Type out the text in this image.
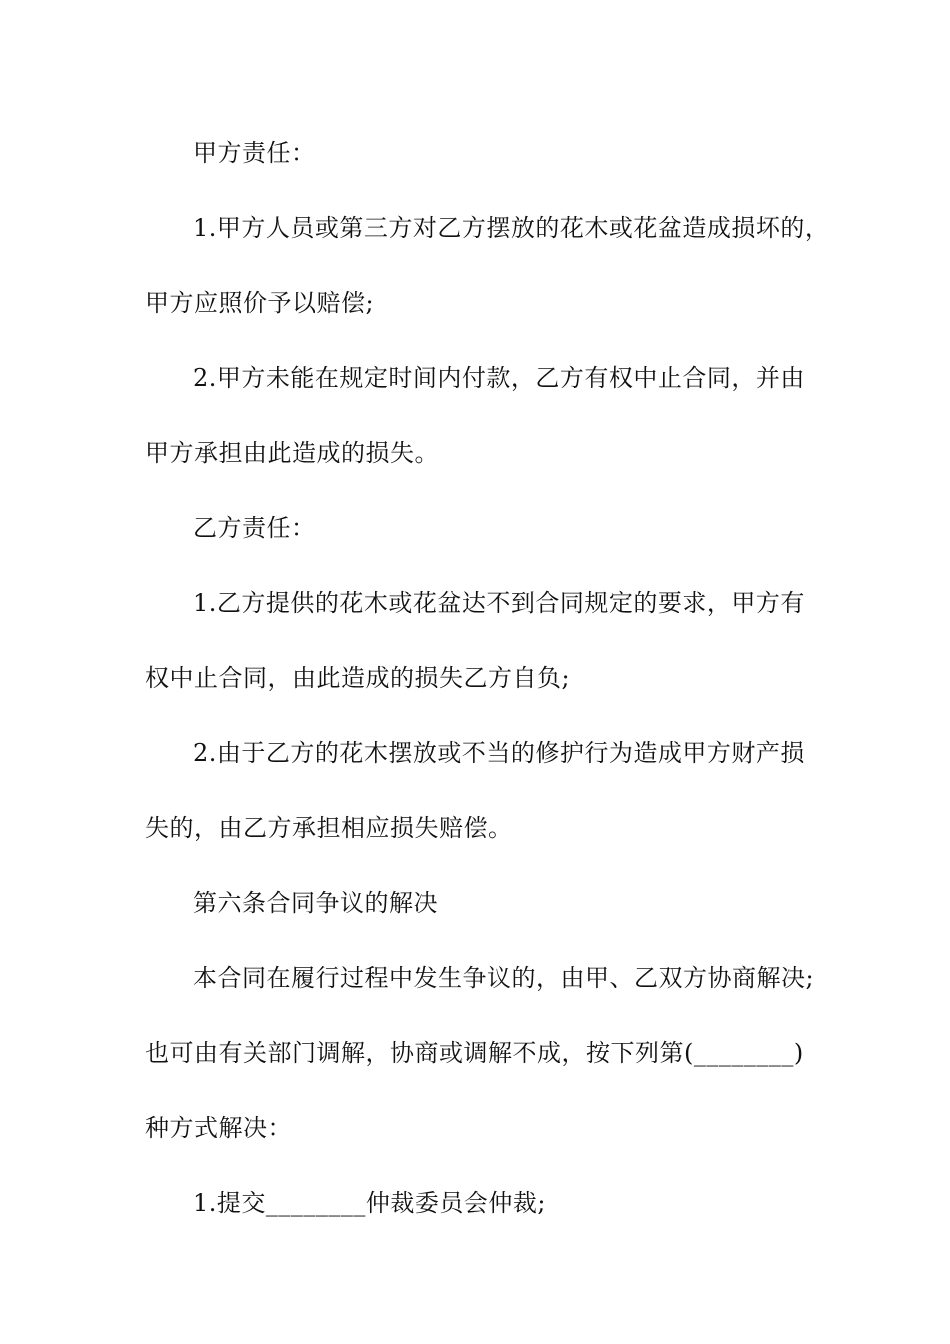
甲方责任：
1.甲方人员或第三方对乙方摆放的花木或花盆造成损坏的，
甲方应照价予以赔偿;
2.甲方未能在规定时间内付款，乙方有权中止合同，并由
甲方承担由此造成的损失。
乙方责任：
1.乙方提供的花木或花盆达不到合同规定的要求，甲方有
权中止合同，由此造成的损失乙方自负;
2.由于乙方的花木摆放或不当的修护行为造成甲方财产损
失的，由乙方承担相应损失赔偿。
第六条合同争议的解决
本合同在履行过程中发生争议的，由甲、乙双方协商解决;
也可由有关部门调解，协商或调解不成，按下列第(________)
种方式解决：
1.提交________仲裁委员会仲裁;
